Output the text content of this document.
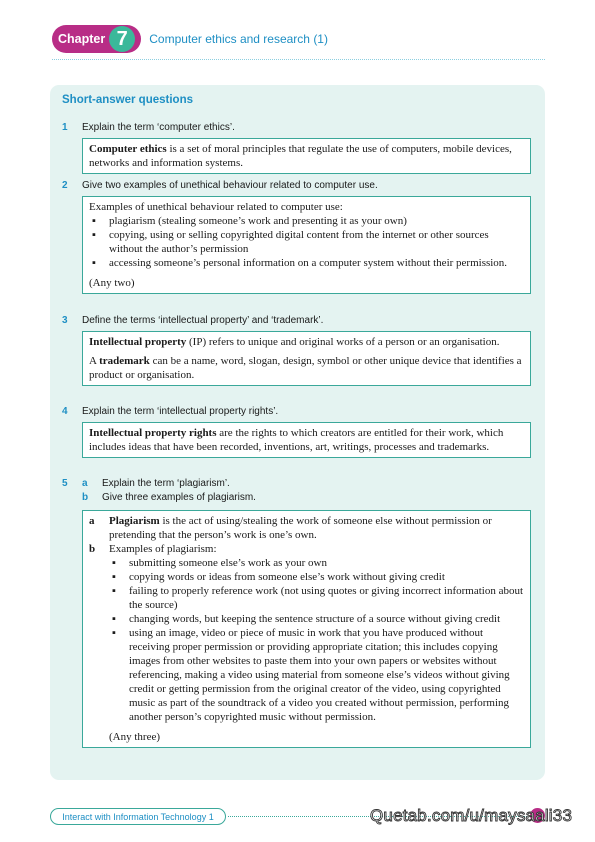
Chapter 7	Computer ethics and research (1)
Short-answer questions
1 Explain the term ‘computer ethics’.

Computer ethics is a set of moral principles that regulate the use of computers, mobile devices, networks and information systems.

2 Give two examples of unethical behaviour related to computer use.

Examples of unethical behaviour related to computer use:

▪ plagiarism (stealing someone’s work and presenting it as your own)
▪ copying, using or selling copyrighted digital content from the internet or other sources without the author’s permission
▪ accessing someone’s personal information on a computer system without their permission.

(Any two)

3 Define the terms ‘intellectual property’ and ‘trademark’.

Intellectual property (IP) refers to unique and original works of a person or an organisation.

A trademark can be a name, word, slogan, design, symbol or other unique device that identifies a product or organisation.

4 Explain the term ‘intellectual property rights’.

Intellectual property rights are the rights to which creators are entitled for their work, which includes ideas that have been recorded, inventions, art, writings, processes and trademarks.

5 a Explain the term ‘plagiarism’.
b Give three examples of plagiarism.
a Plagiarism is the act of using/stealing the work of someone else without permission or pretending that the person’s work is one’s own.
b Examples of plagiarism:
▪ submitting someone else’s work as your own
▪ copying words or ideas from someone else’s work without giving credit
▪ failing to properly reference work (not using quotes or giving incorrect information about the source)
▪ changing words, but keeping the sentence structure of a source without giving credit
▪ using an image, video or piece of music in work that you have produced without receiving proper permission or providing appropriate citation; this includes copying images from other websites to paste them into your own papers or websites without referencing, making a video using material from someone else’s videos without giving credit or getting permission from the original creator of the video, using copyrighted music as part of the soundtrack of a video you created without permission, performing another person’s copyrighted music without permission.

(Any three)

Interact with Information Technology 1	Quetab.com/u/maysaali33
